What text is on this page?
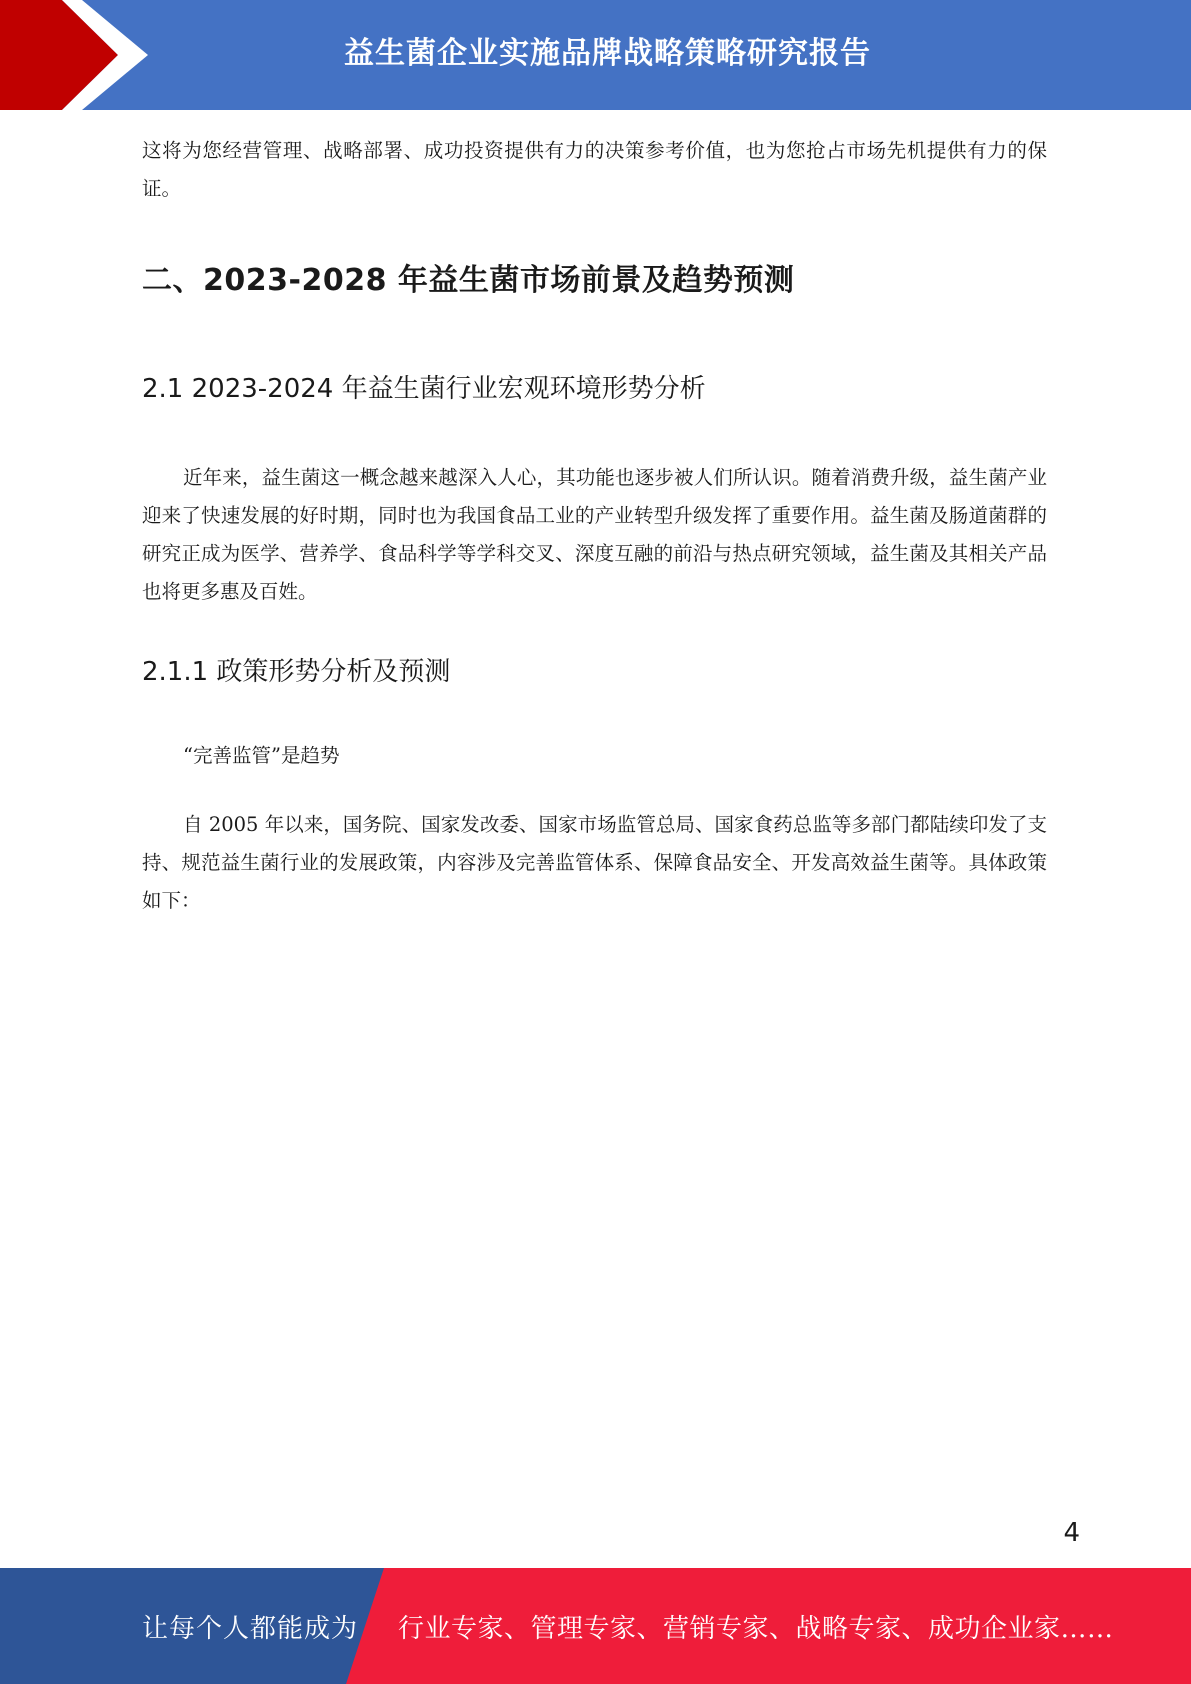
益生菌企业实施品牌战略策略研究报告

这将为您经营管理、战略部署、成功投资提供有力的决策参考价值，也为您抢占市场先机提供有力的保证。

二、2023-2028 年益生菌市场前景及趋势预测
2.1 2023-2024 年益生菌行业宏观环境形势分析

近年来，益生菌这一概念越来越深入人心，其功能也逐步被人们所认识。随着消费升级，益生菌产业迎来了快速发展的好时期，同时也为我国食品工业的产业转型升级发挥了重要作用。益生菌及肠道菌群的研究正成为医学、营养学、食品科学等学科交叉、深度互融的前沿与热点研究领域，益生菌及其相关产品也将更多惠及百姓。

2.1.1 政策形势分析及预测

“完善监管”是趋势

自 2005 年以来，国务院、国家发改委、国家市场监管总局、国家食药总监等多部门都陆续印发了支持、规范益生菌行业的发展政策，内容涉及完善监管体系、保障食品安全、开发高效益生菌等。具体政策如下：

4
让每个人都能成为 行业专家、管理专家、营销专家、战略专家、成功企业家……
